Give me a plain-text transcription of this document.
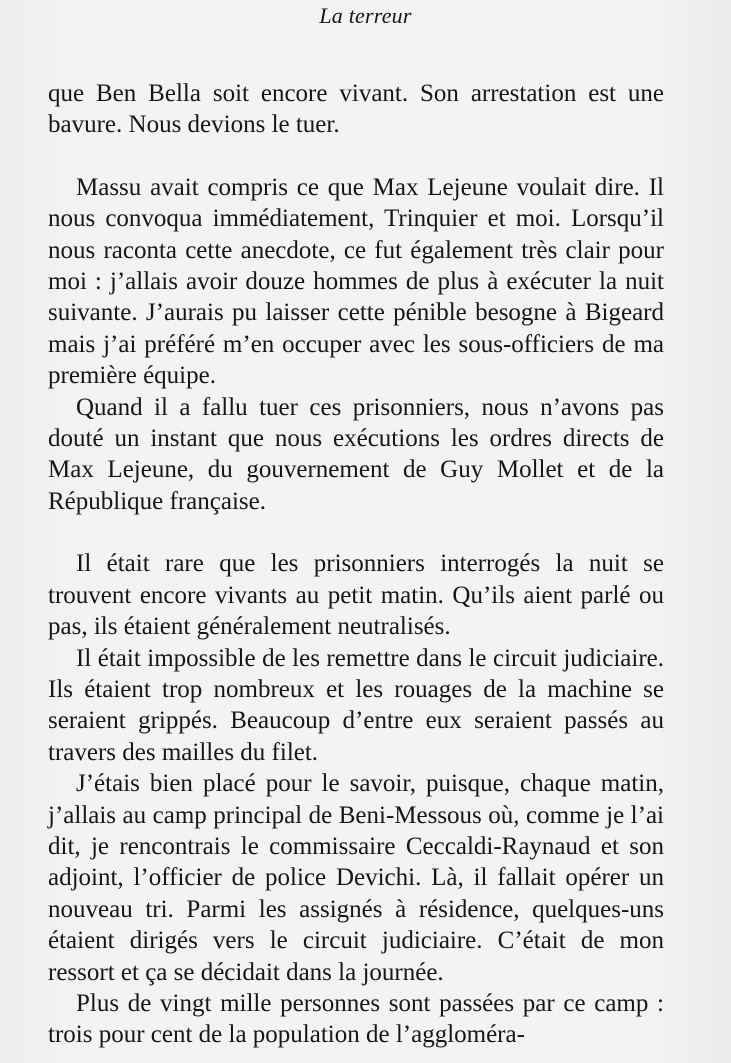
La terreur

que Ben Bella soit encore vivant. Son arrestation est une bavure. Nous devions le tuer.

Massu avait compris ce que Max Lejeune voulait dire. Il nous convoqua immédiatement, Trinquier et moi. Lorsqu’il nous raconta cette anecdote, ce fut également très clair pour moi : j’allais avoir douze hommes de plus à exécuter la nuit suivante. J’aurais pu laisser cette pénible besogne à Bigeard mais j’ai préféré m’en occuper avec les sous-officiers de ma première équipe.

Quand il a fallu tuer ces prisonniers, nous n’avons pas douté un instant que nous exécutions les ordres directs de Max Lejeune, du gouvernement de Guy Mollet et de la République française.

Il était rare que les prisonniers interrogés la nuit se trouvent encore vivants au petit matin. Qu’ils aient parlé ou pas, ils étaient généralement neutralisés.

Il était impossible de les remettre dans le circuit judiciaire. Ils étaient trop nombreux et les rouages de la machine se seraient grippés. Beaucoup d’entre eux seraient passés au travers des mailles du filet.

J’étais bien placé pour le savoir, puisque, chaque matin, j’allais au camp principal de Beni-Messous où, comme je l’ai dit, je rencontrais le commissaire Ceccaldi-Raynaud et son adjoint, l’officier de police Devichi. Là, il fallait opérer un nouveau tri. Parmi les assignés à résidence, quelques-uns étaient dirigés vers le circuit judiciaire. C’était de mon ressort et ça se décidait dans la journée.

Plus de vingt mille personnes sont passées par ce camp : trois pour cent de la population de l’aggloméra-
